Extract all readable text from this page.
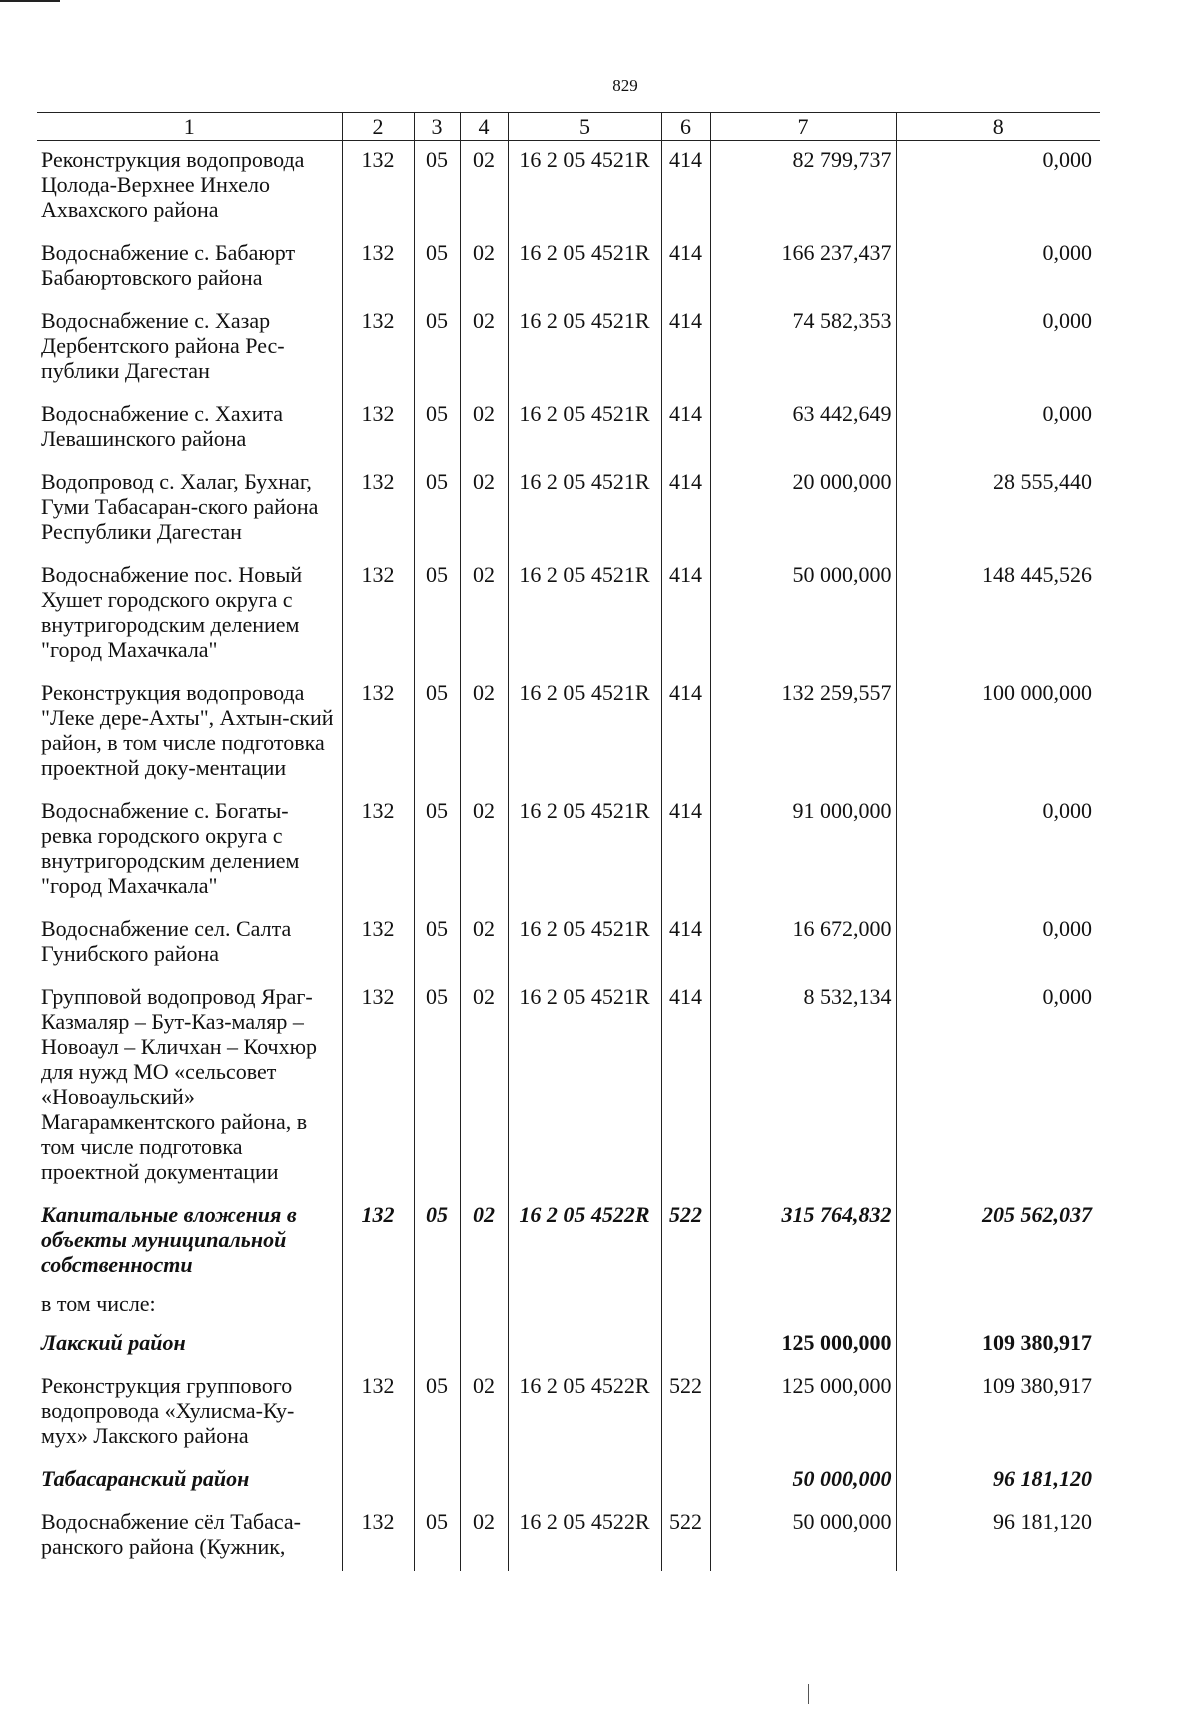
829
1	2	3	4	5	6	7	8
Реконструкция водопровода Цолода-Верхнее Инхело Ахвахского района	132	05	02	16 2 05 4521R	414	82 799,737	0,000
Водоснабжение с. Бабаюрт Бабаюртовского района	132	05	02	16 2 05 4521R	414	166 237,437	0,000
Водоснабжение с. Хазар Дербентского района Рес-публики Дагестан	132	05	02	16 2 05 4521R	414	74 582,353	0,000
Водоснабжение с. Хахита Левашинского района	132	05	02	16 2 05 4521R	414	63 442,649	0,000
Водопровод с. Халаг, Бухнаг, Гуми Табасаран-ского района Республики Дагестан	132	05	02	16 2 05 4521R	414	20 000,000	28 555,440
Водоснабжение пос. Новый Хушет городского округа с внутригородским делением "город Махачкала"	132	05	02	16 2 05 4521R	414	50 000,000	148 445,526
Реконструкция водопровода "Леке дере-Ахты", Ахтын-ский район, в том числе подготовка проектной доку-ментации	132	05	02	16 2 05 4521R	414	132 259,557	100 000,000
Водоснабжение с. Богаты-ревка городского округа с внутригородским делением "город Махачкала"	132	05	02	16 2 05 4521R	414	91 000,000	0,000
Водоснабжение сел. Салта Гунибского района	132	05	02	16 2 05 4521R	414	16 672,000	0,000
Групповой водопровод Яраг-Казмаляр – Бут-Каз-маляр – Новоаул – Кличхан – Кочхюр для нужд МО «сельсовет «Новоаульский» Магарамкентского района, в том числе подготовка проектной документации	132	05	02	16 2 05 4521R	414	8 532,134	0,000
Капитальные вложения в объекты муниципальной собственности	132	05	02	16 2 05 4522R	522	315 764,832	205 562,037
в том числе:							
Лакский район						125 000,000	109 380,917
Реконструкция группового водопровода «Хулисма-Ку-мух» Лакского района	132	05	02	16 2 05 4522R	522	125 000,000	109 380,917
Табасаранский район						50 000,000	96 181,120
Водоснабжение сёл Табаса-ранского района (Кужник,	132	05	02	16 2 05 4522R	522	50 000,000	96 181,120
